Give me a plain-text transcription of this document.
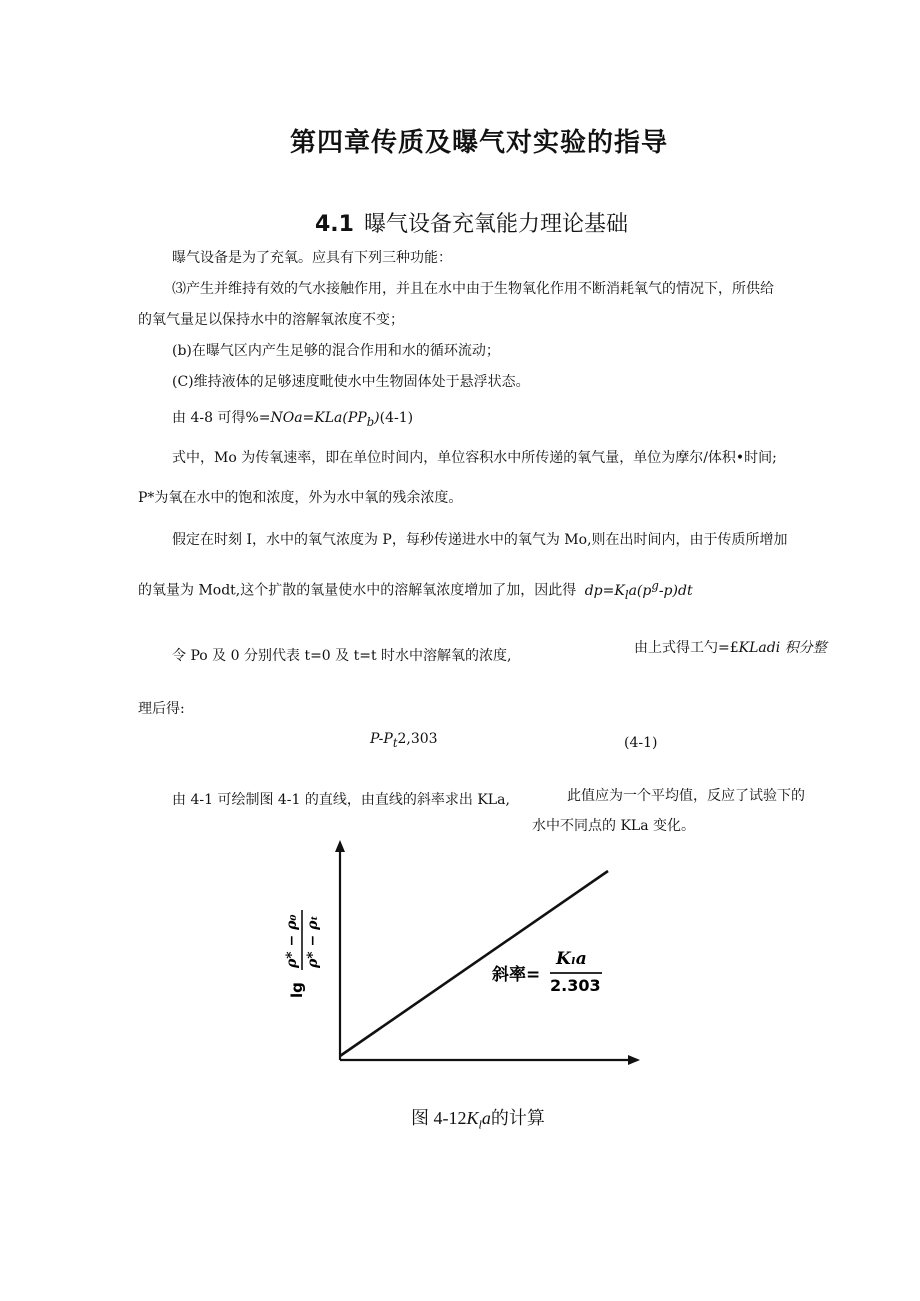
第四章传质及曝气对实验的指导
4.1 曝气设备充氧能力理论基础
曝气设备是为了充氧。应具有下列三种功能：
⑶产生并维持有效的气水接触作用，并且在水中由于生物氧化作用不断消耗氧气的情况下，所供给
的氧气量足以保持水中的溶解氧浓度不变；
(b)在曝气区内产生足够的混合作用和水的循环流动；
(C)维持液体的足够速度毗使水中生物固体处于悬浮状态。
由 4-8 可得$\%=NOa=KLa(PP_b)(4-1)$
式中，Mo 为传氧速率，即在单位时间内，单位容积水中所传递的氧气量，单位为摩尔/体积•时间;
P*为氧在水中的饱和浓度，外为水中氧的残余浓度。
假定在时刻 I，水中的氧气浓度为 P，每秒传递进水中的氧气为 Mo,则在出时间内，由于传质所增加
的氧量为 Modt,这个扩散的氧量使水中的溶解氧浓度增加了加，因此得 $dp=K_la(p^g-p)dt$
令 Po 及 0 分别代表 t=0 及 t=t 时水中溶解氧的浓度,	由上式得工勺=£KLadi 积分整
理后得:
$P-P_t2,303$	(4-1)
由 4-1 可绘制图 4-1 的直线，由直线的斜率求出 KLa,	此值应为一个平均值，反应了试验下的
水中不同点的 KLa 变化。
lg
ρ* − ρ₀ ρ* − ρₜ
斜率=
Kₗa
2.303
图 $4-12K_la$的计算
